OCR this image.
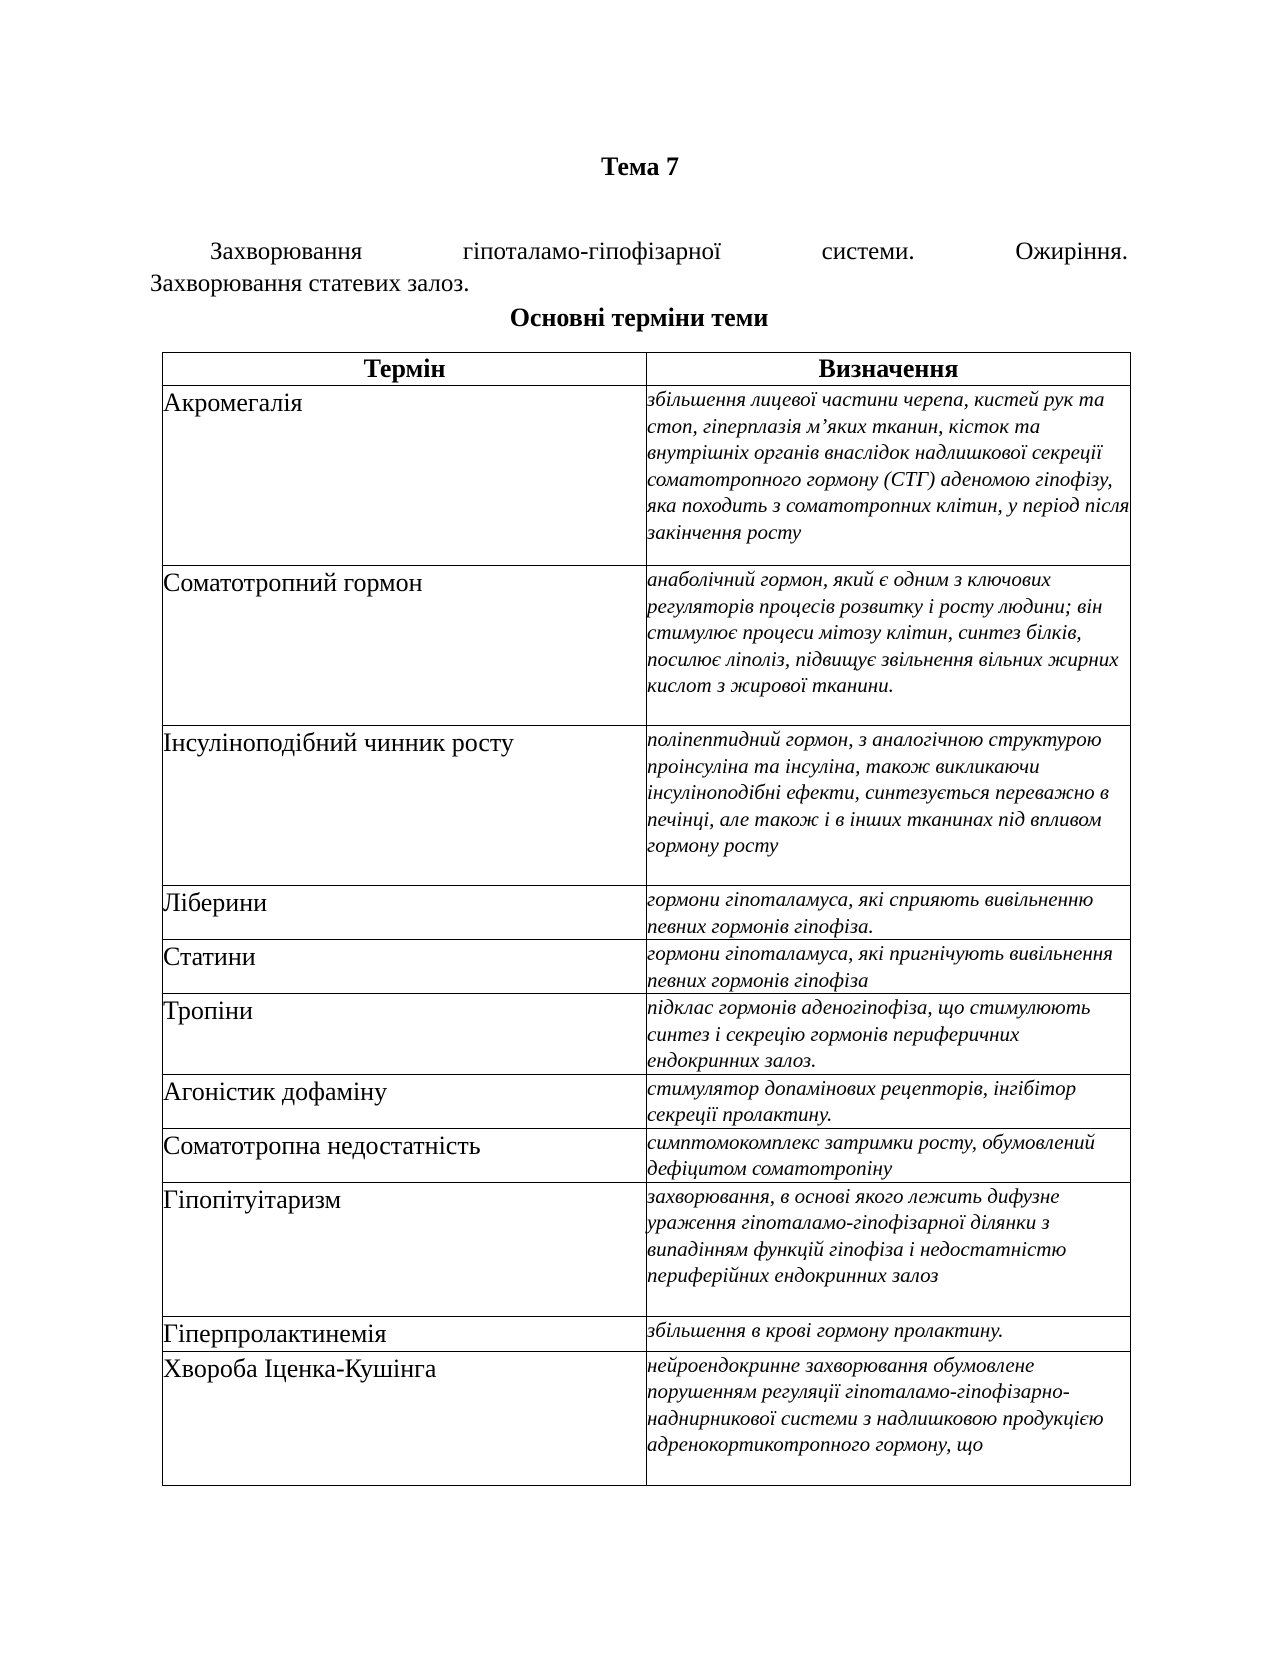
Тема 7
Захворювання гіпоталамо-гіпофізарної системи. Ожиріння.
Захворювання статевих залоз.
Основні терміни теми
Термін	Визначення
Акромегалія	збільшення лицевої частини черепа, кистей рук та стоп, гіперплазія м’яких тканин, кісток та внутрішніх органів внаслідок надлишкової секреції соматотропного гормону (СТГ) аденомою гіпофізу, яка походить з соматотропних клітин, у період після закінчення росту
Соматотропний гормон	анаболічний гормон, який є одним з ключових регуляторів процесів розвитку і росту людини; він стимулює процеси мітозу клітин, синтез білків, посилює ліполіз, підвищує звільнення вільних жирних кислот з жирової тканини.
Інсуліноподібний чинник росту	поліпептидний гормон, з аналогічною структурою проінсуліна та інсуліна, також викликаючи інсуліноподібні ефекти, синтезується переважно в печінці, але також і в інших тканинах під впливом гормону росту
Ліберини	гормони гіпоталамуса, які сприяють вивільненню певних гормонів гіпофіза.
Статини	гормони гіпоталамуса, які пригнічують вивільнення певних гормонів гіпофіза
Тропіни	підклас гормонів аденогіпофіза, що стимулюють синтез і секрецію гормонів периферичних ендокринних залоз.
Агоністик дофаміну	стимулятор допамінових рецепторів, інгібітор секреції пролактину.
Соматотропна недостатність	симптомокомплекс затримки росту, обумовлений дефіцитом соматотропіну
Гіпопітуітаризм	захворювання, в основі якого лежить дифузне ураження гіпоталамо-гіпофізарної ділянки з випадінням функцій гіпофіза і недостатністю периферійних ендокринних залоз
Гіперпролактинемія	збільшення в крові гормону пролактину.
Хвороба Іценка-Кушінга	нейроендокринне захворювання обумовлене порушенням регуляції гіпоталамо-гіпофізарно-наднирникової системи з надлишковою продукцією адренокортикотропного гормону, що
